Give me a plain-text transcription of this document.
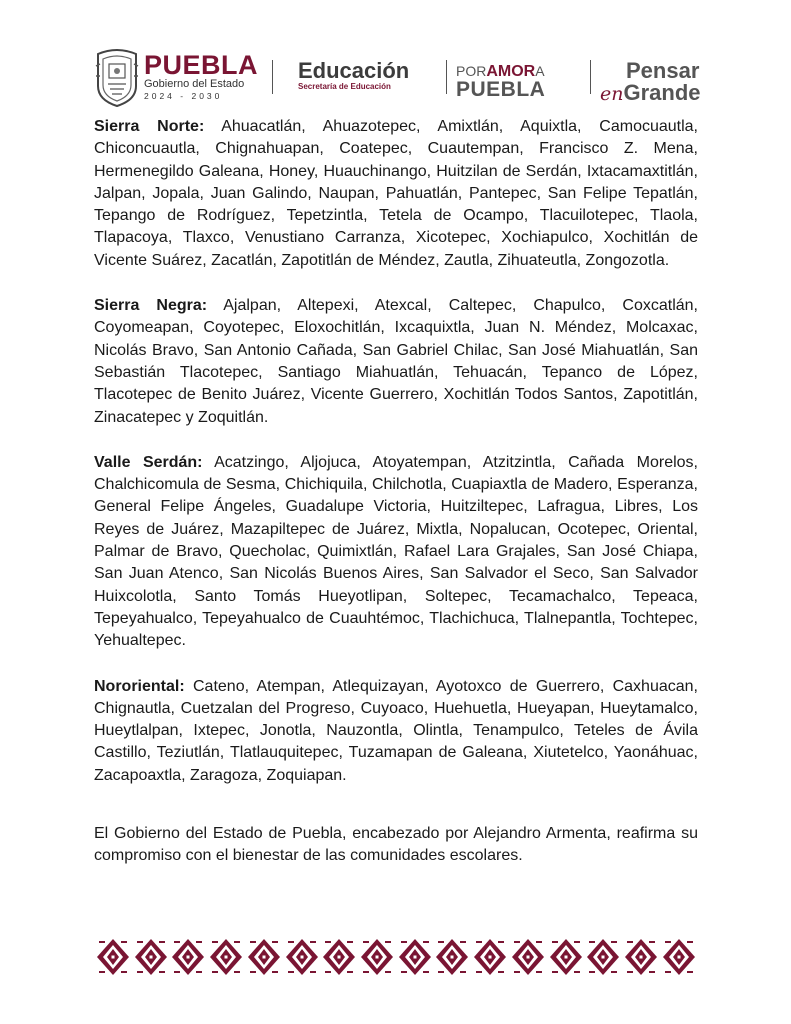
PUEBLA
Gobierno del Estado
2024 - 2030
Educación
Secretaría de Educación
PORAMORA
PUEBLA
Pensar
enGrande

Sierra Norte: Ahuacatlán, Ahuazotepec, Amixtlán, Aquixtla, Camocuautla, Chiconcuautla, Chignahuapan, Coatepec, Cuautempan, Francisco Z. Mena, Hermenegildo Galeana, Honey, Huauchinango, Huitzilan de Serdán, Ixtacamaxtitlán, Jalpan, Jopala, Juan Galindo, Naupan, Pahuatlán, Pantepec, San Felipe Tepatlán, Tepango de Rodríguez, Tepetzintla, Tetela de Ocampo, Tlacuilotepec, Tlaola, Tlapacoya, Tlaxco, Venustiano Carranza, Xicotepec, Xochiapulco, Xochitlán de Vicente Suárez, Zacatlán, Zapotitlán de Méndez, Zautla, Zihuateutla, Zongozotla.

Sierra Negra: Ajalpan, Altepexi, Atexcal, Caltepec, Chapulco, Coxcatlán, Coyomeapan, Coyotepec, Eloxochitlán, Ixcaquixtla, Juan N. Méndez, Molcaxac, Nicolás Bravo, San Antonio Cañada, San Gabriel Chilac, San José Miahuatlán, San Sebastián Tlacotepec, Santiago Miahuatlán, Tehuacán, Tepanco de López, Tlacotepec de Benito Juárez, Vicente Guerrero, Xochitlán Todos Santos, Zapotitlán, Zinacatepec y Zoquitlán.

Valle Serdán: Acatzingo, Aljojuca, Atoyatempan, Atzitzintla, Cañada Morelos, Chalchicomula de Sesma, Chichiquila, Chilchotla, Cuapiaxtla de Madero, Esperanza, General Felipe Ángeles, Guadalupe Victoria, Huitziltepec, Lafragua, Libres, Los Reyes de Juárez, Mazapiltepec de Juárez, Mixtla, Nopalucan, Ocotepec, Oriental, Palmar de Bravo, Quecholac, Quimixtlán, Rafael Lara Grajales, San José Chiapa, San Juan Atenco, San Nicolás Buenos Aires, San Salvador el Seco, San Salvador Huixcolotla, Santo Tomás Hueyotlipan, Soltepec, Tecamachalco, Tepeaca, Tepeyahualco, Tepeyahualco de Cuauhtémoc, Tlachichuca, Tlalnepantla, Tochtepec, Yehualtepec.

Nororiental: Cateno, Atempan, Atlequizayan, Ayotoxco de Guerrero, Caxhuacan, Chignautla, Cuetzalan del Progreso, Cuyoaco, Huehuetla, Hueyapan, Hueytamalco, Hueytlalpan, Ixtepec, Jonotla, Nauzontla, Olintla, Tenampulco, Teteles de Ávila Castillo, Teziutlán, Tlatlauquitepec, Tuzamapan de Galeana, Xiutetelco, Yaonáhuac, Zacapoaxtla, Zaragoza, Zoquiapan.

El Gobierno del Estado de Puebla, encabezado por Alejandro Armenta, reafirma su compromiso con el bienestar de las comunidades escolares.
